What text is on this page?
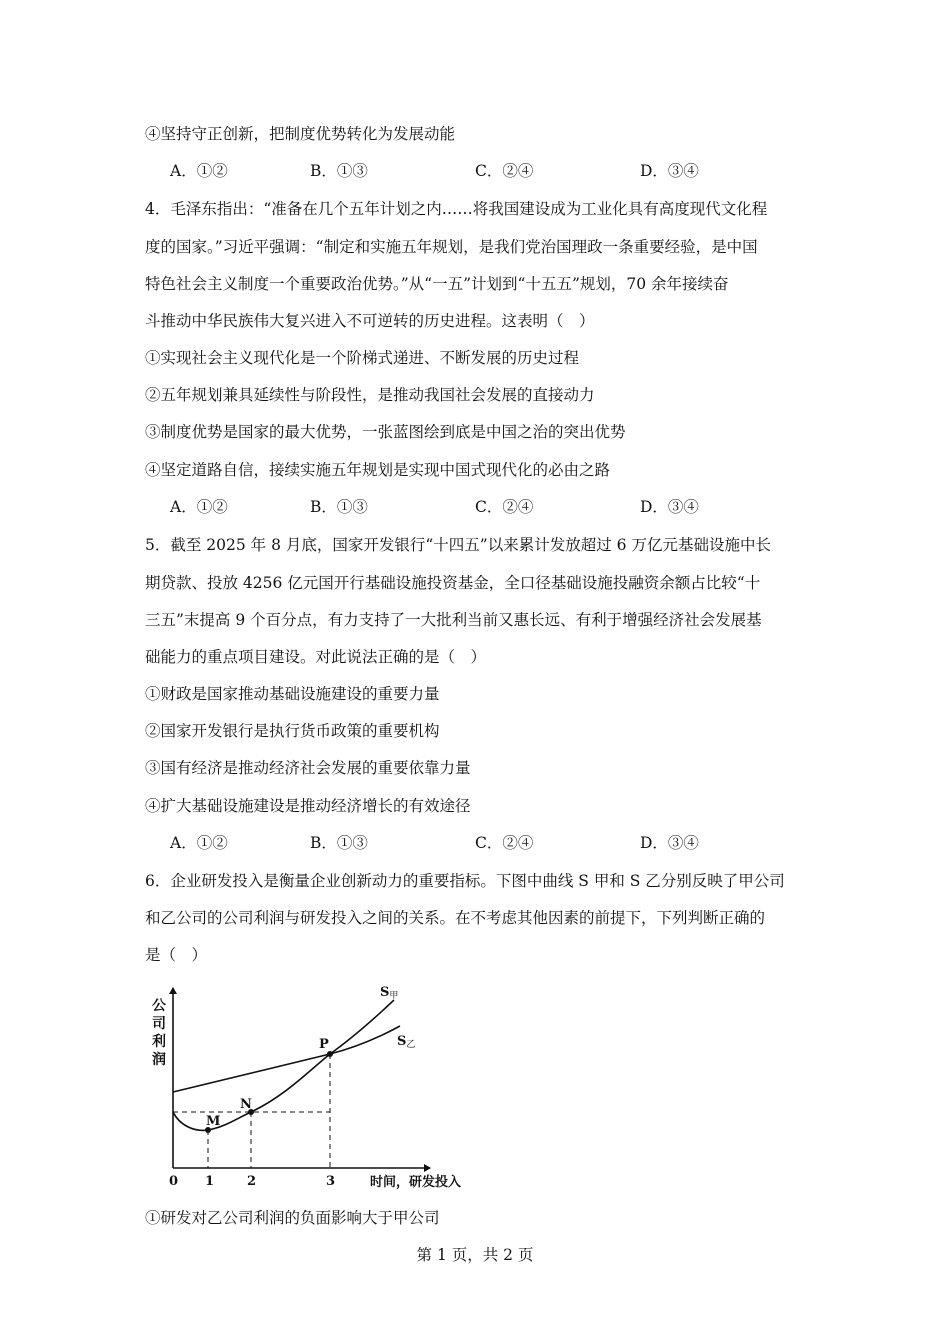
④坚持守正创新，把制度优势转化为发展动能
A．①②	B．①③	C．②④	D．③④
4．毛泽东指出：“准备在几个五年计划之内……将我国建设成为工业化具有高度现代文化程
度的国家。”习近平强调：“制定和实施五年规划，是我们党治国理政一条重要经验，是中国
特色社会主义制度一个重要政治优势。”从“一五”计划到“十五五”规划，70 余年接续奋
斗推动中华民族伟大复兴进入不可逆转的历史进程。这表明（　）
①实现社会主义现代化是一个阶梯式递进、不断发展的历史过程
②五年规划兼具延续性与阶段性，是推动我国社会发展的直接动力
③制度优势是国家的最大优势，一张蓝图绘到底是中国之治的突出优势
④坚定道路自信，接续实施五年规划是实现中国式现代化的必由之路
A．①②	B．①③	C．②④	D．③④
5．截至 2025 年 8 月底，国家开发银行“十四五”以来累计发放超过 6 万亿元基础设施中长
期贷款、投放 4256 亿元国开行基础设施投资基金，全口径基础设施投融资余额占比较“十
三五”末提高 9 个百分点，有力支持了一大批利当前又惠长远、有利于增强经济社会发展基
础能力的重点项目建设。对此说法正确的是（　）
①财政是国家推动基础设施建设的重要力量
②国家开发银行是执行货币政策的重要机构
③国有经济是推动经济社会发展的重要依靠力量
④扩大基础设施建设是推动经济增长的有效途径
A．①②	B．①③	C．②④	D．③④
6．企业研发投入是衡量企业创新动力的重要指标。下图中曲线 S 甲和 S 乙分别反映了甲公司
和乙公司的公司利润与研发投入之间的关系。在不考虑其他因素的前提下，下列判断正确的
是（　）
公
司
利
润
时间，研发投入
0 1	2	3
M
N
P
S甲
S乙
①研发对乙公司利润的负面影响大于甲公司
第 1 页，共 2 页
